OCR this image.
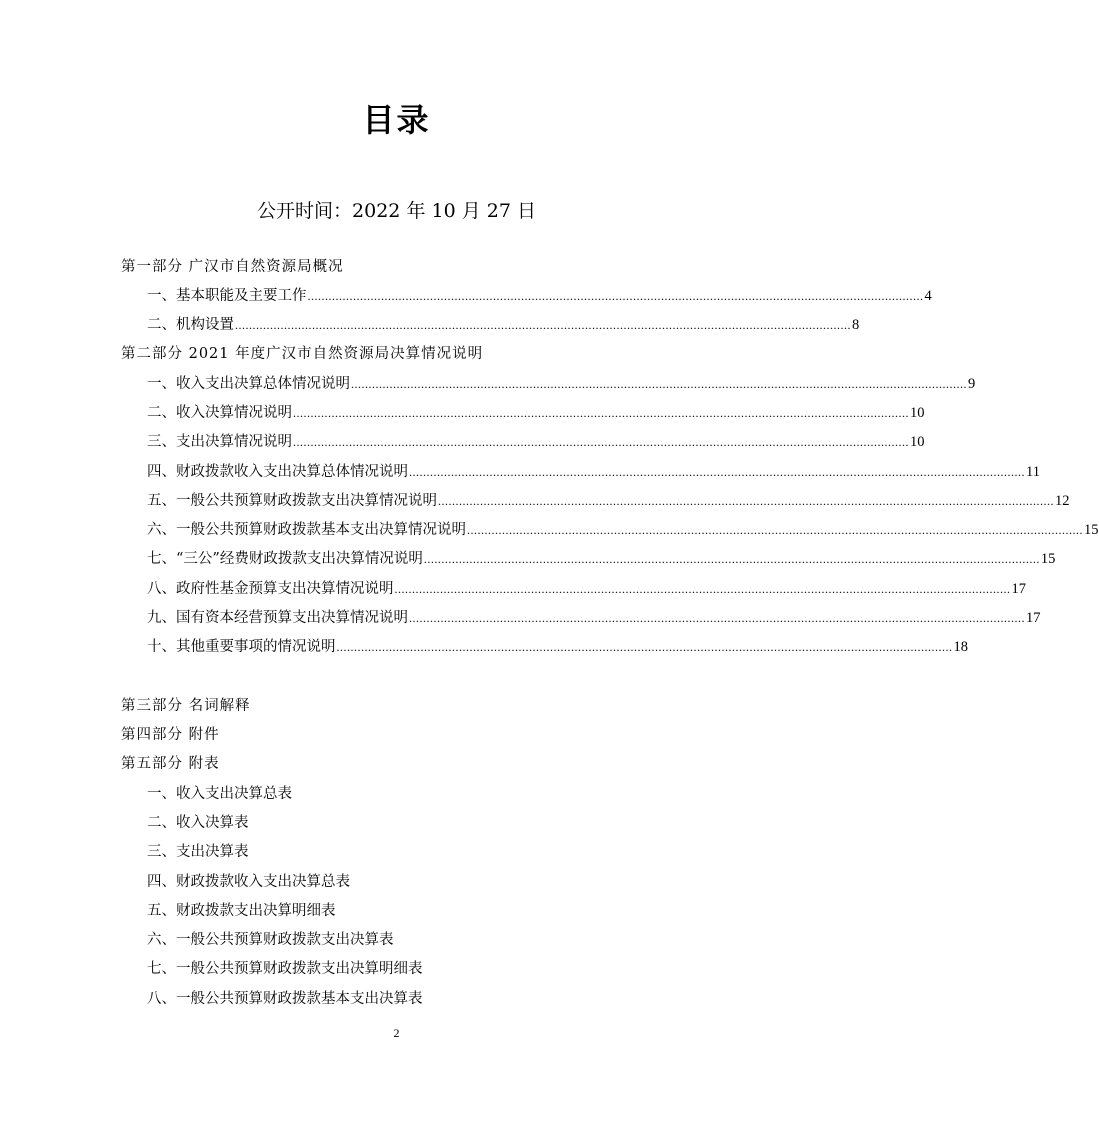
目录
公开时间：2022 年 10 月 27 日
第一部分 广汉市自然资源局概况
一、基本职能及主要工作 ................................................................................................................................................................................ 4
二、机构设置 ................................................................................................................................................................................ 8
第二部分 2021 年度广汉市自然资源局决算情况说明
一、收入支出决算总体情况说明 ................................................................................................................................................................................ 9
二、收入决算情况说明 ................................................................................................................................................................................ 10
三、支出决算情况说明 ................................................................................................................................................................................ 10
四、财政拨款收入支出决算总体情况说明 ................................................................................................................................................................................ 11
五、一般公共预算财政拨款支出决算情况说明 ................................................................................................................................................................................ 12
六、一般公共预算财政拨款基本支出决算情况说明 ................................................................................................................................................................................ 15
七、“三公”经费财政拨款支出决算情况说明 ................................................................................................................................................................................ 15
八、政府性基金预算支出决算情况说明 ................................................................................................................................................................................ 17
九、国有资本经营预算支出决算情况说明 ................................................................................................................................................................................ 17
十、其他重要事项的情况说明 ................................................................................................................................................................................ 18
第三部分 名词解释
第四部分 附件
第五部分 附表
一、收入支出决算总表
二、收入决算表
三、支出决算表
四、财政拨款收入支出决算总表
五、财政拨款支出决算明细表
六、一般公共预算财政拨款支出决算表
七、一般公共预算财政拨款支出决算明细表
八、一般公共预算财政拨款基本支出决算表
2
